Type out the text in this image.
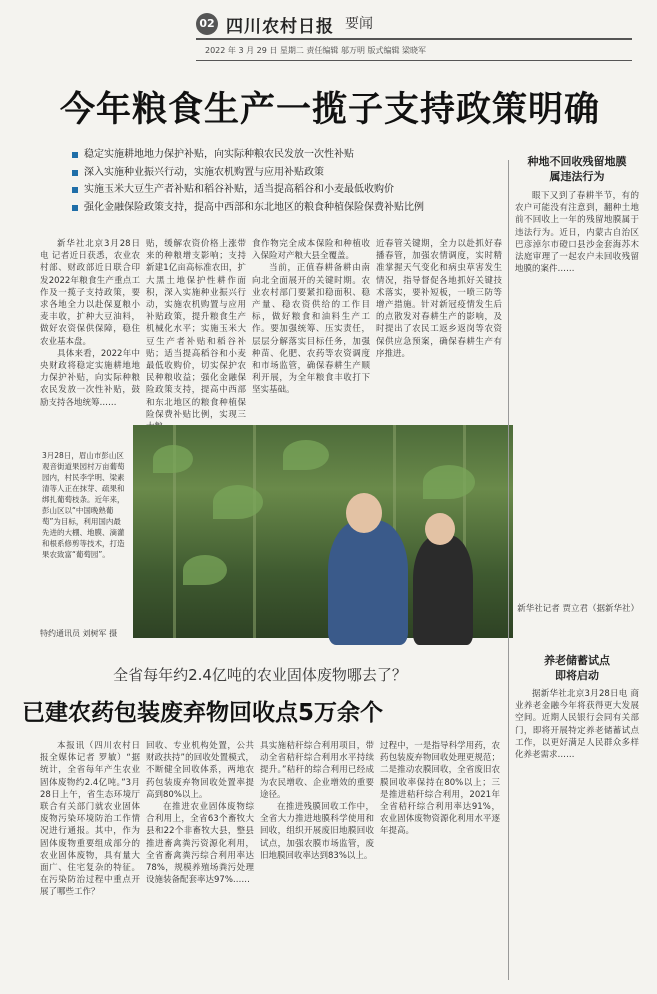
02 四川农村日报 要闻
2022 年 3 月 29 日 星期二 责任编辑 邬万明 版式编辑 梁晓军
今年粮食生产一揽子支持政策明确
稳定实施耕地地力保护补贴，向实际种粮农民发放一次性补贴
深入实施种业振兴行动，实施农机购置与应用补贴政策
实施玉米大豆生产者补贴和稻谷补贴，适当提高稻谷和小麦最低收购价
强化金融保险政策支持，提高中西部和东北地区的粮食种植保险保费补贴比例

新华社北京3月28日电 记者近日获悉，农业农村部、财政部近日联合印发2022年粮食生产重点工作及一揽子支持政策，要求各地全力以赴保夏粮小麦丰收，扩种大豆油料，做好农资保供保障，稳住农业基本盘。

具体来看，2022年中央财政将稳定实施耕地地力保护补贴，向实际种粮农民发放一次性补贴，鼓励支持各地统筹……

贴，缓解农资价格上涨带来的种粮增支影响；支持新建1亿亩高标准农田，扩大黑土地保护性耕作面积，深入实施种业振兴行动，实施农机购置与应用补贴政策，提升粮食生产机械化水平；实施玉米大豆生产者补贴和稻谷补贴；适当提高稻谷和小麦最低收购价，切实保护农民种粮收益；强化金融保险政策支持，提高中西部和东北地区的粮食种植保险保费补贴比例，实现三

食作物完全成本保险和种植收入保险对产粮大县全覆盖。

当前，正值春耕备耕由南向北全面展开的关键时期。农业农村部门要紧扣稳面积、稳产量、稳农资供给的工作目标，做好粮食和油料生产工作。要加强统筹、压实责任，层层分解落实目标任务，加强种苗、化肥、农药等农资调度和市场监管，确保春耕生产顺利开展，为全年粮食丰收打下坚实基础。

近春管关键期，全力以赴抓好春播春管，加强农情调度，实时精准掌握天气变化和病虫草害发生情况，指导督促各地抓好关键技术落实，要补短板，一喷三防等增产措施。针对新冠疫情发生后的点散发对春耕生产的影响，及时提出了农民工返乡返岗等农资保供应急预案，确保春耕生产有序推进。

3月28日，眉山市彭山区观音街道果园村万亩葡萄园内，村民李学明、梁素清等人正在抹芽、疏果和绑扎葡萄枝条。近年来，彭山区以“中国晚熟葡萄”为目标，利用国内最先进的大棚、地膜、滴灌和根系修剪等技术，打造果农致富“葡萄园”。
特约通讯员 刘树军 摄
全省每年约2.4亿吨的农业固体废物哪去了？
已建农药包装废弃物回收点5万余个

本报讯（四川农村日报全媒体记者 罗敏）“据统计，全省每年产生农业固体废物约2.4亿吨。”3月28日上午，省生态环境厅联合有关部门就农业固体废物污染环境防治工作情况进行通报。其中，作为固体废物重要组成部分的农业固体废物，具有量大面广、住宅复杂的特征。在污染防治过程中重点开展了哪些工作？

回收、专业机构处置，公共财政扶持”的回收处置模式，不断健全回收体系，两地农药包装废弃物回收处置率提高到80%以上。

在推进农业固体废物综合利用上，全省63个畜牧大县和22个非畜牧大县，整县推进畜禽粪污资源化利用，全省畜禽粪污综合利用率达78%，规模养殖场粪污处理设施装备配套率达97%……

具实施秸秆综合利用项目，带动全省秸秆综合利用水平持续提升。”秸秆的综合利用已经成为农民增收、企业增效的重要途径。

在推进残膜回收工作中，全省大力推进地膜科学使用和回收，组织开展废旧地膜回收试点，加强农膜市场监管，废旧地膜回收率达到83%以上。

过程中，一是指导科学用药，农药包装废弃物回收处理更规范；二是推动农膜回收，全省废旧农膜回收率保持在80%以上；三是推进秸秆综合利用，2021年全省秸秆综合利用率达91%，农业固体废物资源化利用水平逐年提高。

种地不回收残留地膜
属违法行为

眼下又到了春耕半节，有的农户可能没有注意到，翻种土地前不回收上一年的残留地膜属于违法行为。近日，内蒙古自治区巴彦淖尔市磴口县沙金套海苏木法庭审理了一起农户未回收残留地膜的案件……

新华社记者 贾立君（据新华社）

养老储蓄试点
即将启动

据新华社北京3月28日电 商业养老金融今年将获得更大发展空间。近期人民银行会同有关部门，即将开展特定养老储蓄试点工作，以更好满足人民群众多样化养老需求……
